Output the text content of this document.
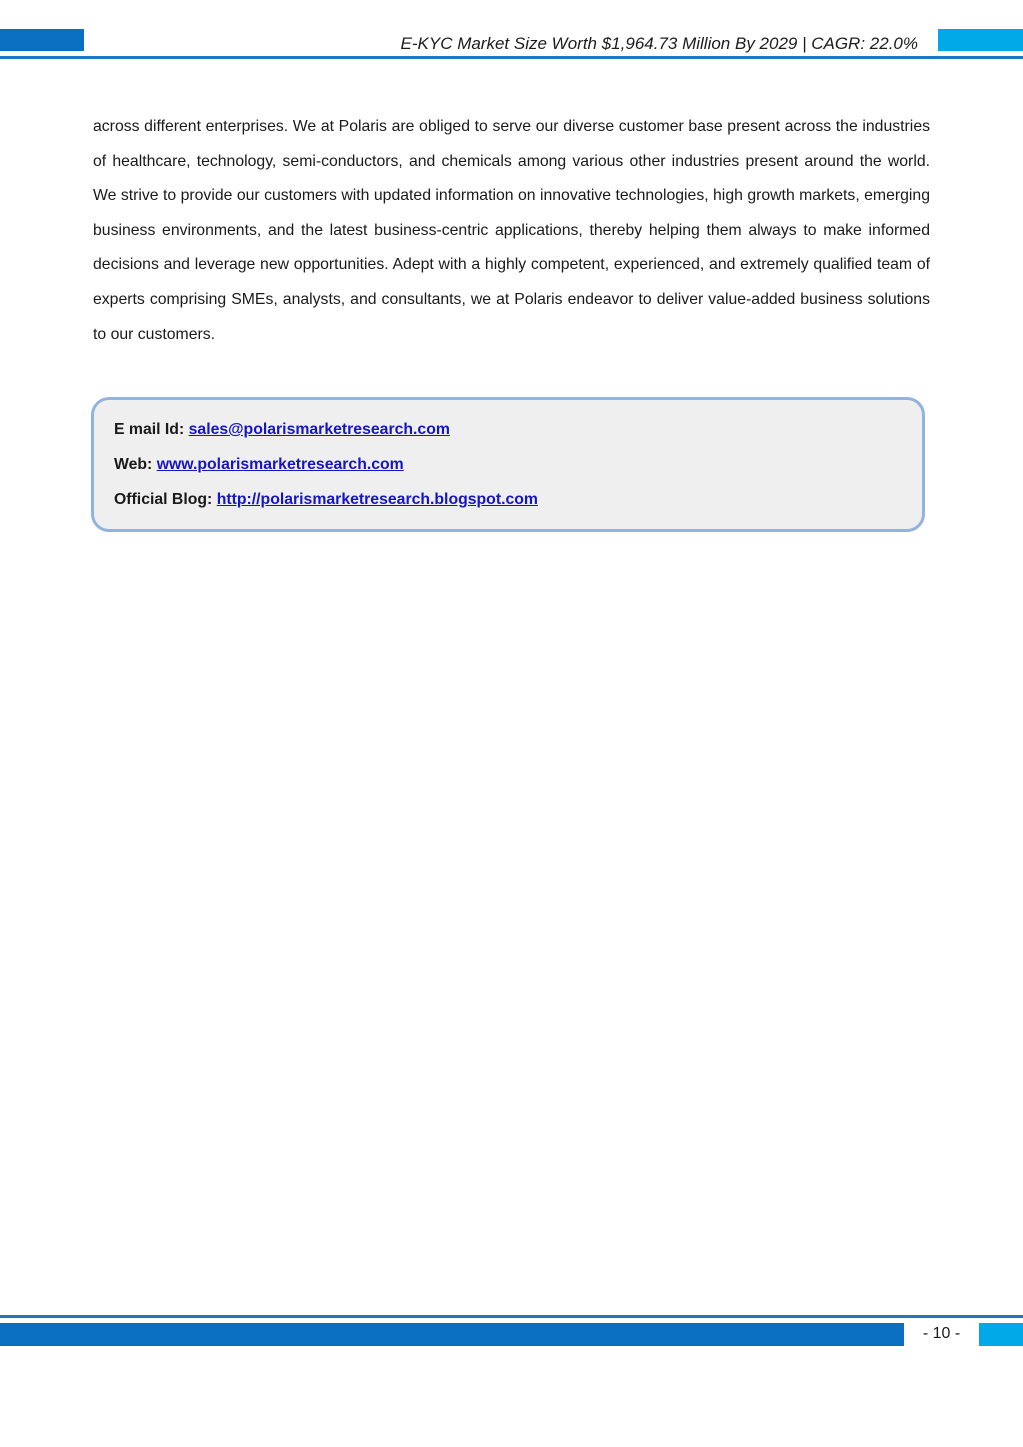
E-KYC Market Size Worth $1,964.73 Million By 2029 | CAGR: 22.0%

across different enterprises. We at Polaris are obliged to serve our diverse customer base present across the industries of healthcare, technology, semi-conductors, and chemicals among various other industries present around the world. We strive to provide our customers with updated information on innovative technologies, high growth markets, emerging business environments, and the latest business-centric applications, thereby helping them always to make informed decisions and leverage new opportunities. Adept with a highly competent, experienced, and extremely qualified team of experts comprising SMEs, analysts, and consultants, we at Polaris endeavor to deliver value-added business solutions to our customers.

E mail Id: sales@polarismarketresearch.com
Web: www.polarismarketresearch.com
Official Blog: http://polarismarketresearch.blogspot.com
- 10 -
